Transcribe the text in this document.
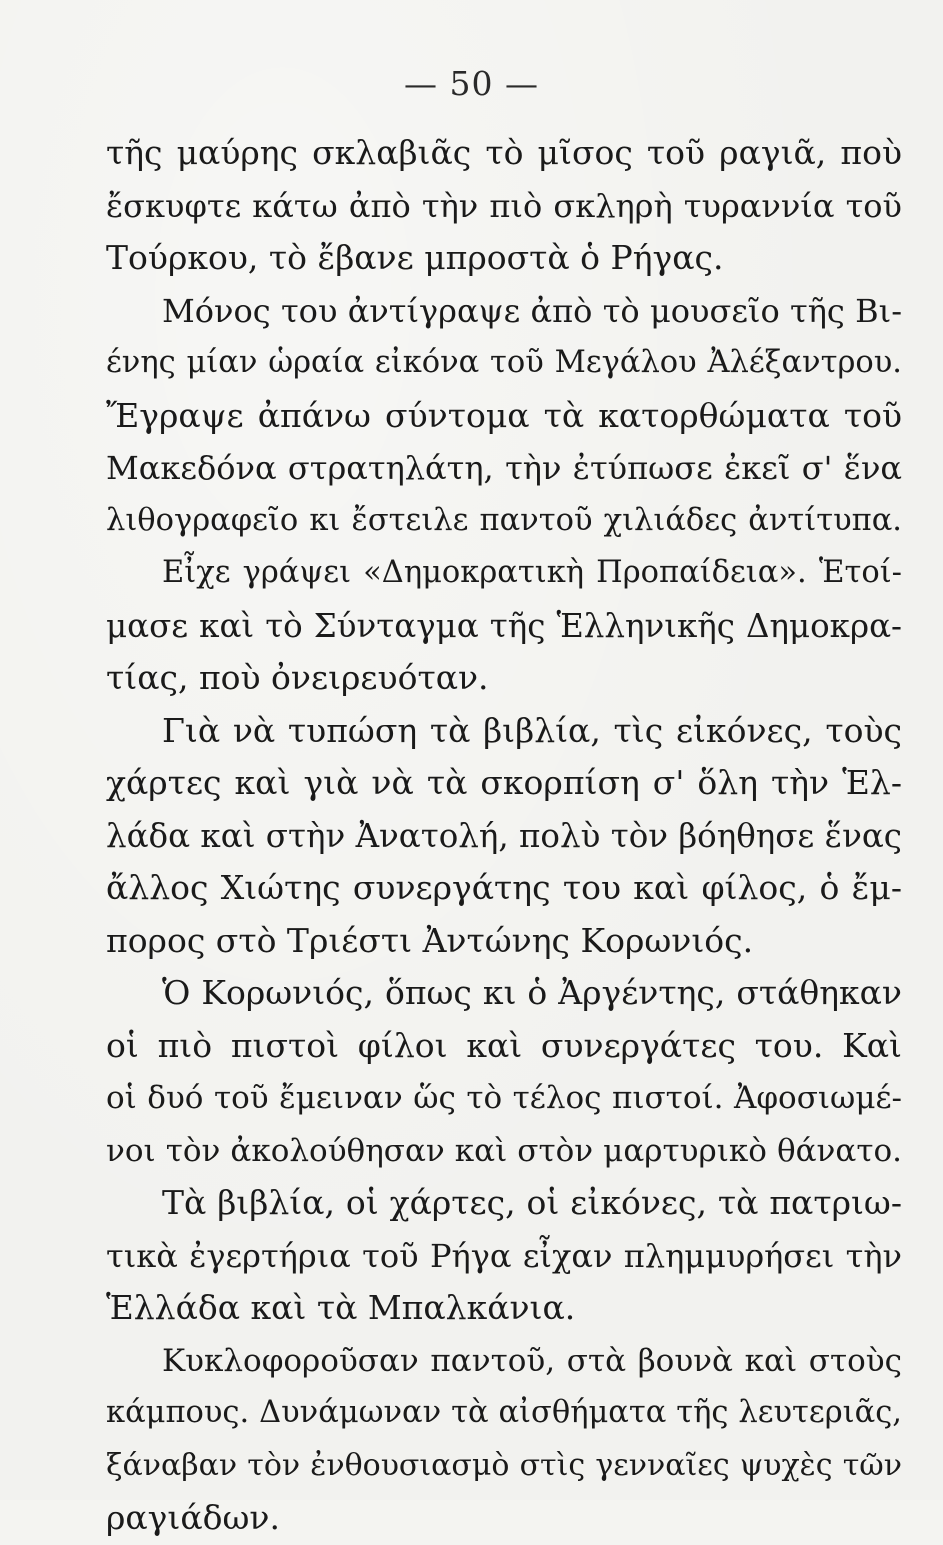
— 50 —
τῆς μαύρης σκλαβιᾶς τὸ μῖσος τοῦ ραγιᾶ, ποὺ
ἔσκυφτε κάτω ἀπὸ τὴν πιὸ σκληρὴ τυραννία τοῦ
Τούρκου, τὸ ἔβανε μπροστὰ ὁ Ρήγας.
Μόνος του ἀντίγραψε ἀπὸ τὸ μουσεῖο τῆς Βι-
ένης μίαν ὡραία εἰκόνα τοῦ Μεγάλου Ἀλέξαντρου.
Ἔγραψε ἀπάνω σύντομα τὰ κατορθώματα τοῦ
Μακεδόνα στρατηλάτη, τὴν ἐτύπωσε ἐκεῖ σ' ἕνα
λιθογραφεῖο κι ἔστειλε παντοῦ χιλιάδες ἀντίτυπα.
Εἶχε γράψει «Δημοκρατικὴ Προπαίδεια». Ἑτοί-
μασε καὶ τὸ Σύνταγμα τῆς Ἑλληνικῆς Δημοκρα-
τίας, ποὺ ὀνειρευόταν.
Γιὰ νὰ τυπώση τὰ βιβλία, τὶς εἰκόνες, τοὺς
χάρτες καὶ γιὰ νὰ τὰ σκορπίση σ' ὅλη τὴν Ἑλ-
λάδα καὶ στὴν Ἀνατολή, πολὺ τὸν βόηθησε ἕνας
ἄλλος Χιώτης συνεργάτης του καὶ φίλος, ὁ ἔμ-
πορος στὸ Τριέστι Ἀντώνης Κορωνιός.
Ὁ Κορωνιός, ὅπως κι ὁ Ἀργέντης, στάθηκαν
οἱ πιὸ πιστοὶ φίλοι καὶ συνεργάτες του. Καὶ
οἱ δυό τοῦ ἔμειναν ὥς τὸ τέλος πιστοί. Ἀφοσιωμέ-
νοι τὸν ἀκολούθησαν καὶ στὸν μαρτυρικὸ θάνατο.
Τὰ βιβλία, οἱ χάρτες, οἱ εἰκόνες, τὰ πατριω-
τικὰ ἐγερτήρια τοῦ Ρήγα εἶχαν πλημμυρήσει τὴν
Ἑλλάδα καὶ τὰ Μπαλκάνια.
Κυκλοφοροῦσαν παντοῦ, στὰ βουνὰ καὶ στοὺς
κάμπους. Δυνάμωναν τὰ αἰσθήματα τῆς λευτεριᾶς,
ξάναβαν τὸν ἐνθουσιασμὸ στὶς γενναῖες ψυχὲς τῶν
ραγιάδων.
